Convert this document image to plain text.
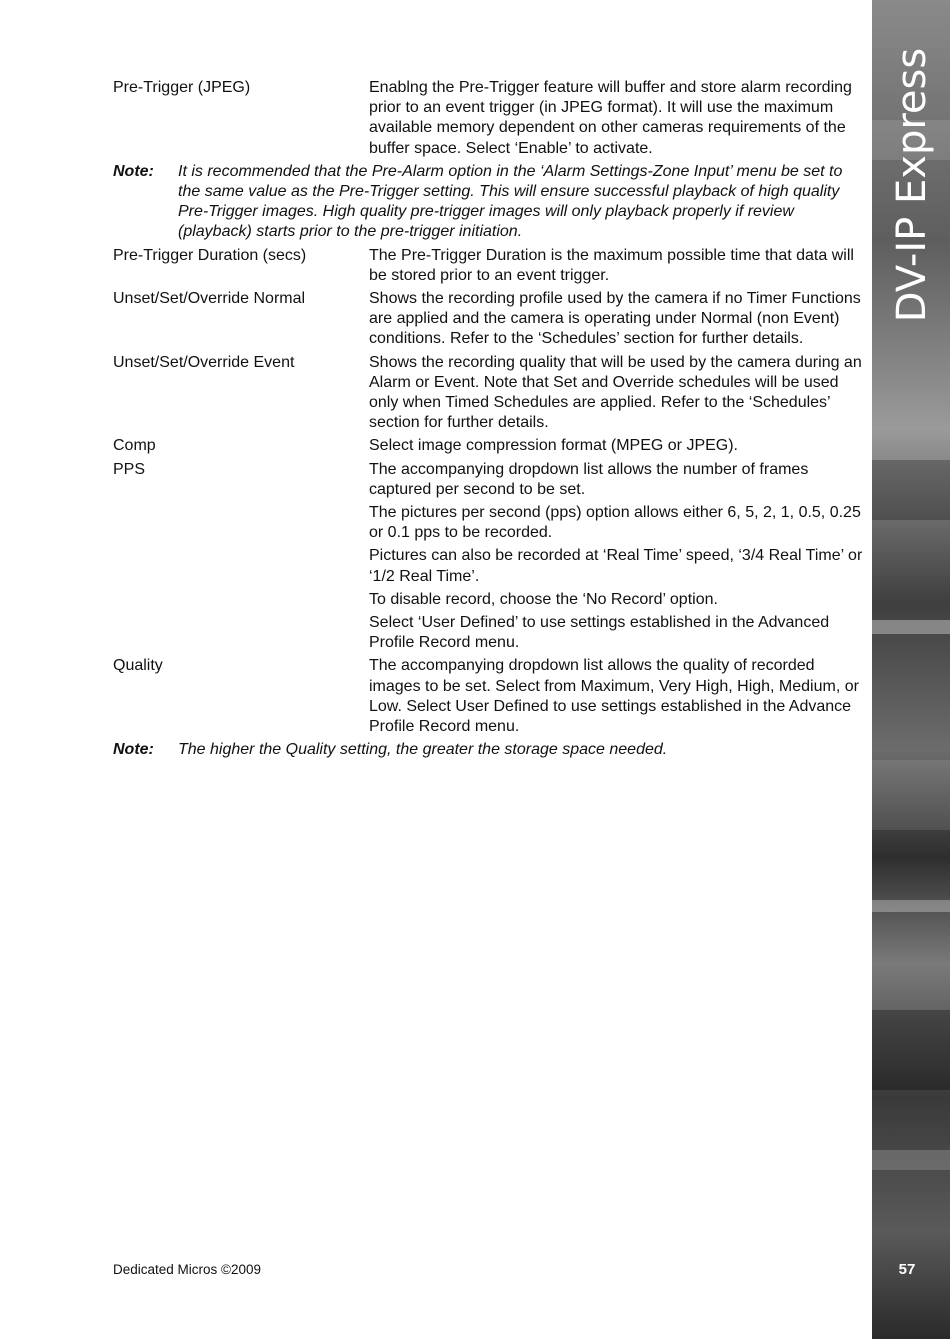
Pre-Trigger (JPEG)	Enablng the Pre-Trigger feature will buffer and store alarm recording prior to an event trigger (in JPEG format). It will use the maximum available memory dependent on other cameras requirements of the buffer space. Select ‘Enable’ to activate.

Note: It is recommended that the Pre-Alarm option in the ‘Alarm Settings-Zone Input’ menu be set to the same value as the Pre-Trigger setting. This will ensure successful playback of high quality Pre-Trigger images. High quality pre-trigger images will only playback properly if review (playback) starts prior to the pre-trigger initiation.
Pre-Trigger Duration (secs)	The Pre-Trigger Duration is the maximum possible time that data will be stored prior to an event trigger.

Unset/Set/Override Normal	Shows the recording profile used by the camera if no Timer Functions are applied and the camera is operating under Normal (non Event) conditions. Refer to the ‘Schedules’ section for further details.

Unset/Set/Override Event	Shows the recording quality that will be used by the camera during an Alarm or Event. Note that Set and Override schedules will be used only when Timed Schedules are applied. Refer to the ‘Schedules’ section for further details.

Comp	Select image compression format (MPEG or JPEG).

PPS	The accompanying dropdown list allows the number of frames captured per second to be set.

The pictures per second (pps) option allows either 6, 5, 2, 1, 0.5, 0.25 or 0.1 pps to be recorded.

Pictures can also be recorded at ‘Real Time’ speed, ‘3/4 Real Time’ or ‘1/2 Real Time’.

To disable record, choose the ‘No Record’ option.

Select ‘User Defined’ to use settings established in the Advanced Profile Record menu.

Quality	The accompanying dropdown list allows the quality of recorded images to be set. Select from Maximum, Very High, High, Medium, or Low. Select User Defined to use settings established in the Advance Profile Record menu.

Note: The higher the Quality setting, the greater the storage space needed.
Dedicated Micros ©2009
DV-IP Express
57
